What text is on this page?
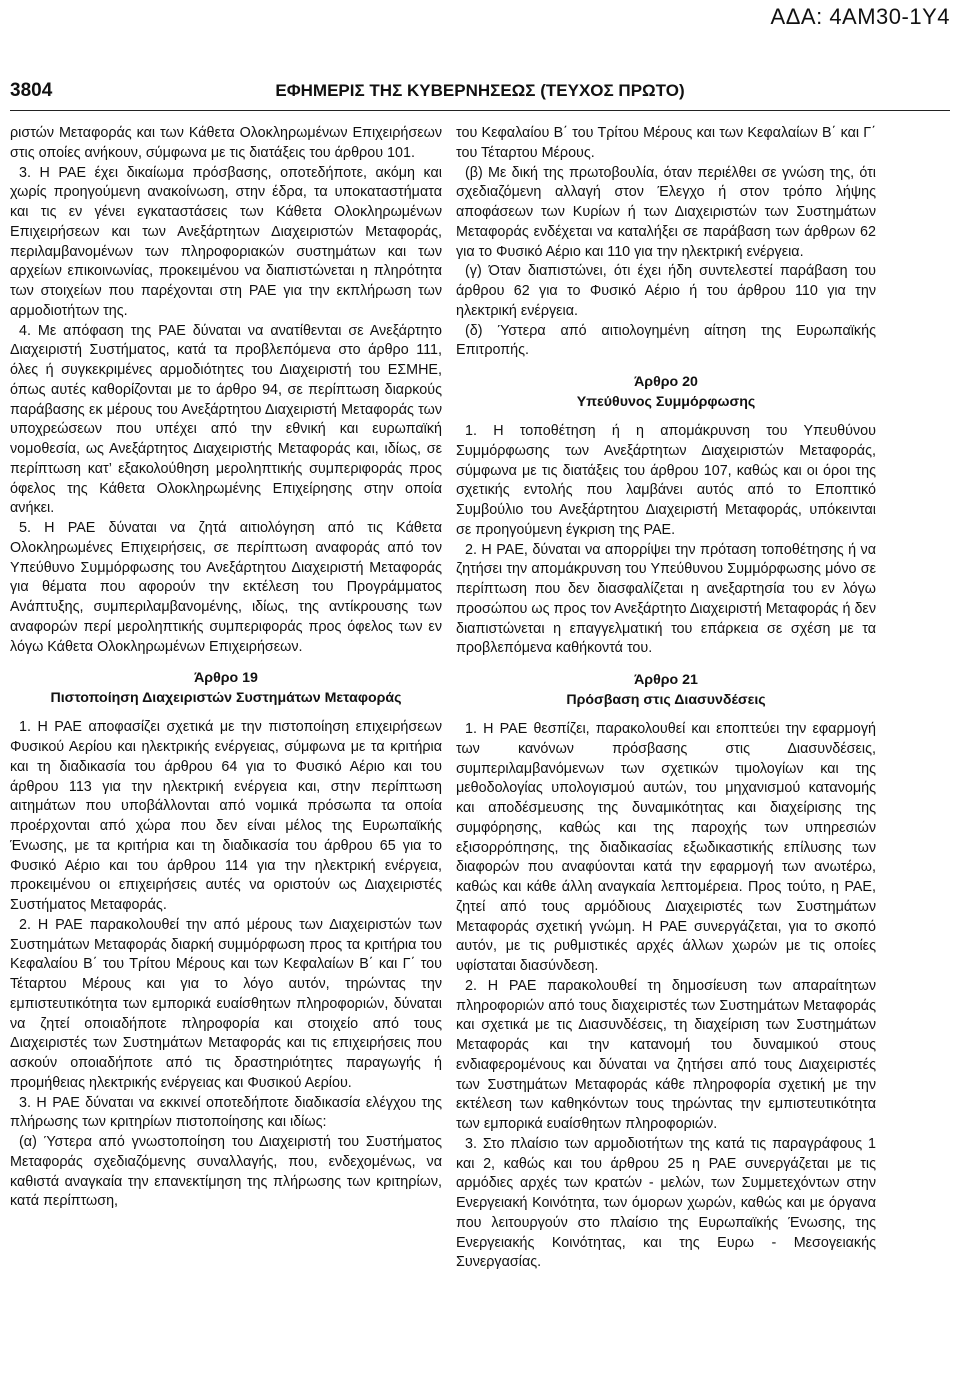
ΑΔΑ: 4ΑΜ30-1Υ4
3804	ΕΦΗΜΕΡΙΣ ΤΗΣ ΚΥΒΕΡΝΗΣΕΩΣ (ΤΕΥΧΟΣ ΠΡΩΤΟ)

ριστών Μεταφοράς και των Κάθετα Ολοκληρωμένων Επιχειρήσεων στις οποίες ανήκουν, σύμφωνα με τις διατάξεις του άρθρου 101.

3. Η ΡΑΕ έχει δικαίωμα πρόσβασης, οποτεδήποτε, ακόμη και χωρίς προηγούμενη ανακοίνωση, στην έδρα, τα υποκαταστήματα και τις εν γένει εγκαταστάσεις των Κάθετα Ολοκληρωμένων Επιχειρήσεων και των Ανεξάρτητων Διαχειριστών Μεταφοράς, περιλαμβανομένων των πληροφοριακών συστημάτων και των αρχείων επικοινωνίας, προκειμένου να διαπιστώνεται η πληρότητα των στοιχείων που παρέχονται στη ΡΑΕ για την εκπλήρωση των αρμοδιοτήτων της.

4. Με απόφαση της ΡΑΕ δύναται να ανατίθενται σε Ανεξάρτητο Διαχειριστή Συστήματος, κατά τα προβλεπόμενα στο άρθρο 111, όλες ή συγκεκριμένες αρμοδιότητες του Διαχειριστή του ΕΣΜΗΕ, όπως αυτές καθορίζονται με το άρθρο 94, σε περίπτωση διαρκούς παράβασης εκ μέρους του Ανεξάρτητου Διαχειριστή Μεταφοράς των υποχρεώσεων που υπέχει από την εθνική και ευρωπαϊκή νομοθεσία, ως Ανεξάρτητος Διαχειριστής Μεταφοράς και, ιδίως, σε περίπτωση κατ’ εξακολούθηση μεροληπτικής συμπεριφοράς προς όφελος της Κάθετα Ολοκληρωμένης Επιχείρησης στην οποία ανήκει.

5. Η ΡΑΕ δύναται να ζητά αιτιολόγηση από τις Κάθετα Ολοκληρωμένες Επιχειρήσεις, σε περίπτωση αναφοράς από τον Υπεύθυνο Συμμόρφωσης του Ανεξάρτητου Διαχειριστή Μεταφοράς για θέματα που αφορούν την εκτέλεση του Προγράμματος Ανάπτυξης, συμπεριλαμβανομένης, ιδίως, της αντίκρουσης των αναφορών περί μεροληπτικής συμπεριφοράς προς όφελος των εν λόγω Κάθετα Ολοκληρωμένων Επιχειρήσεων.

Άρθρο 19
Πιστοποίηση Διαχειριστών Συστημάτων Μεταφοράς

1. Η ΡΑΕ αποφασίζει σχετικά με την πιστοποίηση επιχειρήσεων Φυσικού Αερίου και ηλεκτρικής ενέργειας, σύμφωνα με τα κριτήρια και τη διαδικασία του άρθρου 64 για το Φυσικό Αέριο και του άρθρου 113 για την ηλεκτρική ενέργεια και, στην περίπτωση αιτημάτων που υποβάλλονται από νομικά πρόσωπα τα οποία προέρχονται από χώρα που δεν είναι μέλος της Ευρωπαϊκής Ένωσης, με τα κριτήρια και τη διαδικασία του άρθρου 65 για το Φυσικό Αέριο και του άρθρου 114 για την ηλεκτρική ενέργεια, προκειμένου οι επιχειρήσεις αυτές να οριστούν ως Διαχειριστές Συστήματος Μεταφοράς.

2. Η ΡΑΕ παρακολουθεί την από μέρους των Διαχειριστών των Συστημάτων Μεταφοράς διαρκή συμμόρφωση προς τα κριτήρια του Κεφαλαίου Β΄ του Τρίτου Μέρους και των Κεφαλαίων Β΄ και Γ΄ του Τέταρτου Μέρους και για το λόγο αυτόν, τηρώντας την εμπιστευτικότητα των εμπορικά ευαίσθητων πληροφοριών, δύναται να ζητεί οποιαδήποτε πληροφορία και στοιχείο από τους Διαχειριστές των Συστημάτων Μεταφοράς και τις επιχειρήσεις που ασκούν οποιαδήποτε από τις δραστηριότητες παραγωγής ή προμήθειας ηλεκτρικής ενέργειας και Φυσικού Αερίου.

3. Η ΡΑΕ δύναται να εκκινεί οποτεδήποτε διαδικασία ελέγχου της πλήρωσης των κριτηρίων πιστοποίησης και ιδίως:

(α) Ύστερα από γνωστοποίηση του Διαχειριστή του Συστήματος Μεταφοράς σχεδιαζόμενης συναλλαγής, που, ενδεχομένως, να καθιστά αναγκαία την επανεκτίμηση της πλήρωσης των κριτηρίων, κατά περίπτωση,

του Κεφαλαίου Β΄ του Τρίτου Μέρους και των Κεφαλαίων Β΄ και Γ΄ του Τέταρτου Μέρους.

(β) Με δική της πρωτοβουλία, όταν περιέλθει σε γνώση της, ότι σχεδιαζόμενη αλλαγή στον Έλεγχο ή στον τρόπο λήψης αποφάσεων των Κυρίων ή των Διαχειριστών των Συστημάτων Μεταφοράς ενδέχεται να καταλήξει σε παράβαση των άρθρων 62 για το Φυσικό Αέριο και 110 για την ηλεκτρική ενέργεια.

(γ) Όταν διαπιστώνει, ότι έχει ήδη συντελεστεί παράβαση του άρθρου 62 για το Φυσικό Αέριο ή του άρθρου 110 για την ηλεκτρική ενέργεια.

(δ) Ύστερα από αιτιολογημένη αίτηση της Ευρωπαϊκής Επιτροπής.

Άρθρο 20
Υπεύθυνος Συμμόρφωσης

1. Η τοποθέτηση ή η απομάκρυνση του Υπευθύνου Συμμόρφωσης των Ανεξάρτητων Διαχειριστών Μεταφοράς, σύμφωνα με τις διατάξεις του άρθρου 107, καθώς και οι όροι της σχετικής εντολής που λαμβάνει αυτός από το Εποπτικό Συμβούλιο του Ανεξάρτητου Διαχειριστή Μεταφοράς, υπόκεινται σε προηγούμενη έγκριση της ΡΑΕ.

2. Η ΡΑΕ, δύναται να απορρίψει την πρόταση τοποθέτησης ή να ζητήσει την απομάκρυνση του Υπεύθυνου Συμμόρφωσης μόνο σε περίπτωση που δεν διασφαλίζεται η ανεξαρτησία του εν λόγω προσώπου ως προς τον Ανεξάρτητο Διαχειριστή Μεταφοράς ή δεν διαπιστώνεται η επαγγελματική του επάρκεια σε σχέση με τα προβλεπόμενα καθήκοντά του.

Άρθρο 21
Πρόσβαση στις Διασυνδέσεις

1. Η ΡΑΕ θεσπίζει, παρακολουθεί και εποπτεύει την εφαρμογή των κανόνων πρόσβασης στις Διασυνδέσεις, συμπεριλαμβανόμενων των σχετικών τιμολογίων και της μεθοδολογίας υπολογισμού αυτών, του μηχανισμού κατανομής και αποδέσμευσης της δυναμικότητας και διαχείρισης της συμφόρησης, καθώς και της παροχής των υπηρεσιών εξισορρόπησης, της διαδικασίας εξωδικαστικής επίλυσης των διαφορών που αναφύονται κατά την εφαρμογή των ανωτέρω, καθώς και κάθε άλλη αναγκαία λεπτομέρεια. Προς τούτο, η ΡΑΕ, ζητεί από τους αρμόδιους Διαχειριστές των Συστημάτων Μεταφοράς σχετική γνώμη. Η ΡΑΕ συνεργάζεται, για το σκοπό αυτόν, με τις ρυθμιστικές αρχές άλλων χωρών με τις οποίες υφίσταται διασύνδεση.

2. Η ΡΑΕ παρακολουθεί τη δημοσίευση των απαραίτητων πληροφοριών από τους διαχειριστές των Συστημάτων Μεταφοράς και σχετικά με τις Διασυνδέσεις, τη διαχείριση των Συστημάτων Μεταφοράς και την κατανομή του δυναμικού στους ενδιαφερομένους και δύναται να ζητήσει από τους Διαχειριστές των Συστημάτων Μεταφοράς κάθε πληροφορία σχετική με την εκτέλεση των καθηκόντων τους τηρώντας την εμπιστευτικότητα των εμπορικά ευαίσθητων πληροφοριών.

3. Στο πλαίσιο των αρμοδιοτήτων της κατά τις παραγράφους 1 και 2, καθώς και του άρθρου 25 η ΡΑΕ συνεργάζεται με τις αρμόδιες αρχές των κρατών - μελών, των Συμμετεχόντων στην Ενεργειακή Κοινότητα, των όμορων χωρών, καθώς και με όργανα που λειτουργούν στο πλαίσιο της Ευρωπαϊκής Ένωσης, της Ενεργειακής Κοινότητας, και της Ευρω - Μεσογειακής Συνεργασίας.
